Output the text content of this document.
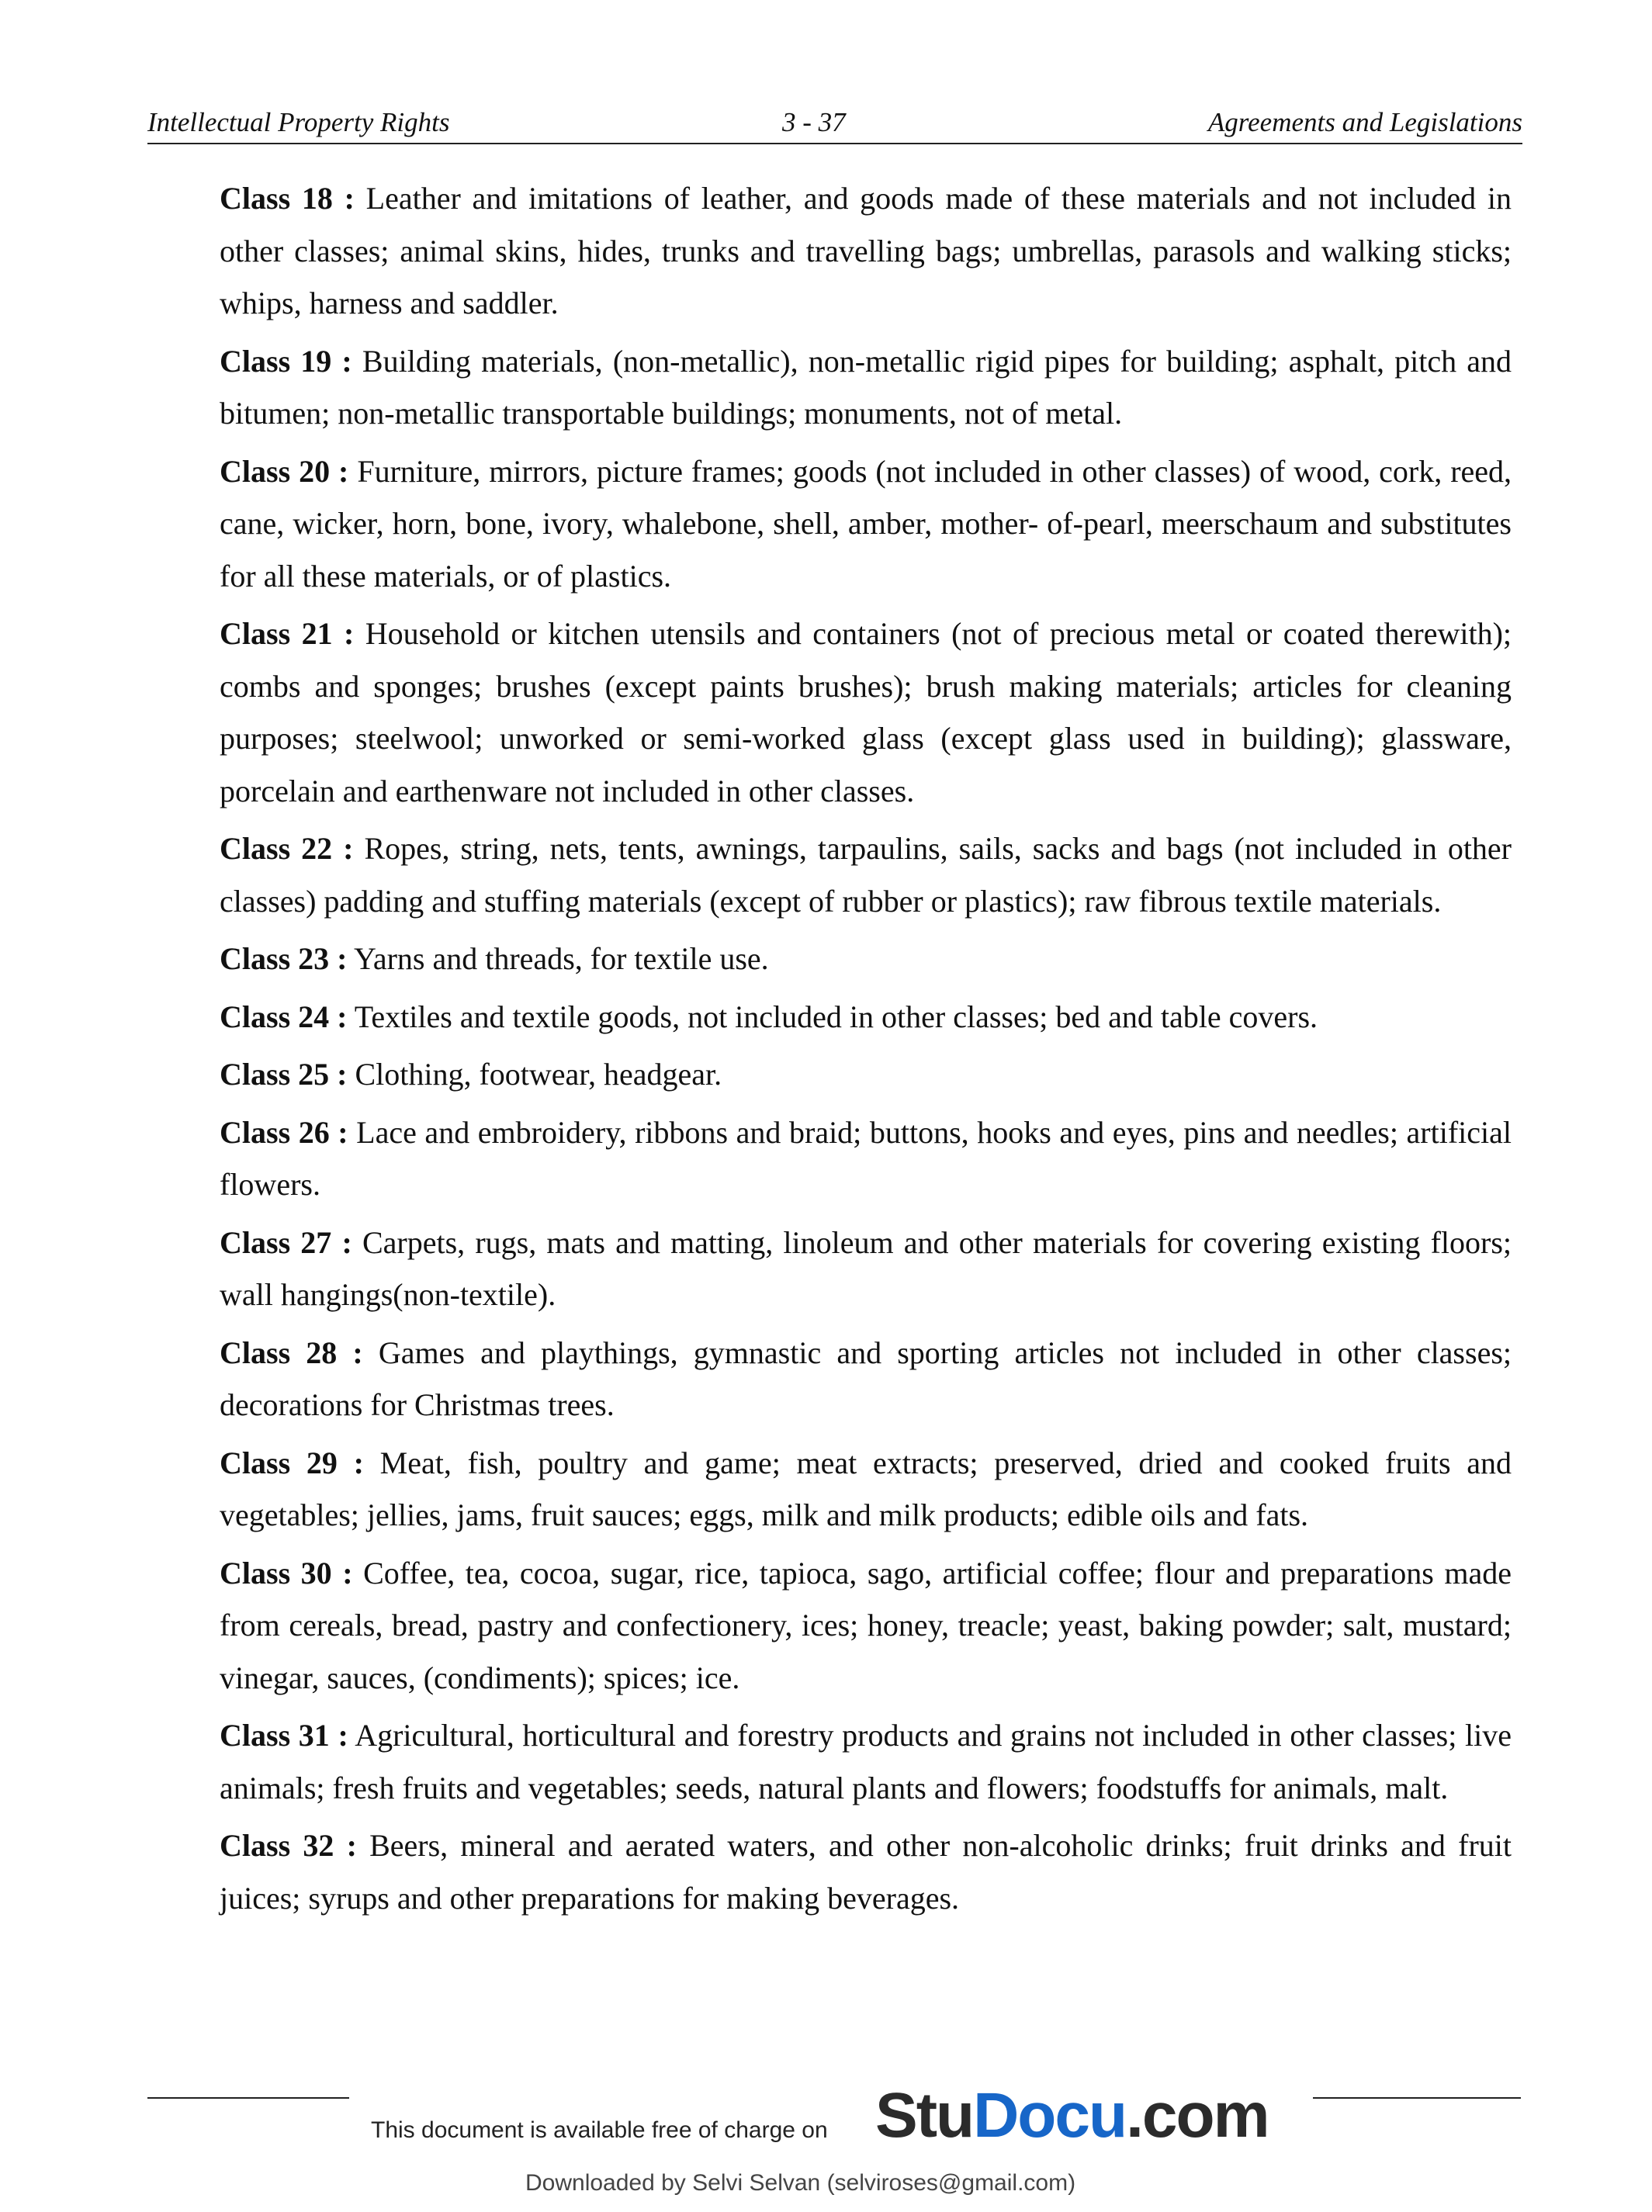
Intellectual Property Rights	3 - 37	Agreements and Legislations

Class 18 : Leather and imitations of leather, and goods made of these materials and not included in other classes; animal skins, hides, trunks and travelling bags; umbrellas, parasols and walking sticks; whips, harness and saddler.

Class 19 : Building materials, (non-metallic), non-metallic rigid pipes for building; asphalt, pitch and bitumen; non-metallic transportable buildings; monuments, not of metal.

Class 20 : Furniture, mirrors, picture frames; goods (not included in other classes) of wood, cork, reed, cane, wicker, horn, bone, ivory, whalebone, shell, amber, mother- of-pearl, meerschaum and substitutes for all these materials, or of plastics.

Class 21 : Household or kitchen utensils and containers (not of precious metal or coated therewith); combs and sponges; brushes (except paints brushes); brush making materials; articles for cleaning purposes; steelwool; unworked or semi-worked glass (except glass used in building); glassware, porcelain and earthenware not included in other classes.

Class 22 : Ropes, string, nets, tents, awnings, tarpaulins, sails, sacks and bags (not included in other classes) padding and stuffing materials (except of rubber or plastics); raw fibrous textile materials.

Class 23 : Yarns and threads, for textile use.

Class 24 : Textiles and textile goods, not included in other classes; bed and table covers.

Class 25 : Clothing, footwear, headgear.

Class 26 : Lace and embroidery, ribbons and braid; buttons, hooks and eyes, pins and needles; artificial flowers.

Class 27 : Carpets, rugs, mats and matting, linoleum and other materials for covering existing floors; wall hangings(non-textile).

Class 28 : Games and playthings, gymnastic and sporting articles not included in other classes; decorations for Christmas trees.

Class 29 : Meat, fish, poultry and game; meat extracts; preserved, dried and cooked fruits and vegetables; jellies, jams, fruit sauces; eggs, milk and milk products; edible oils and fats.

Class 30 : Coffee, tea, cocoa, sugar, rice, tapioca, sago, artificial coffee; flour and preparations made from cereals, bread, pastry and confectionery, ices; honey, treacle; yeast, baking powder; salt, mustard; vinegar, sauces, (condiments); spices; ice.

Class 31 : Agricultural, horticultural and forestry products and grains not included in other classes; live animals; fresh fruits and vegetables; seeds, natural plants and flowers; foodstuffs for animals, malt.

Class 32 : Beers, mineral and aerated waters, and other non-alcoholic drinks; fruit drinks and fruit juices; syrups and other preparations for making beverages.

This document is available free of charge on StuDocu.com
Downloaded by Selvi Selvan (selviroses@gmail.com)
